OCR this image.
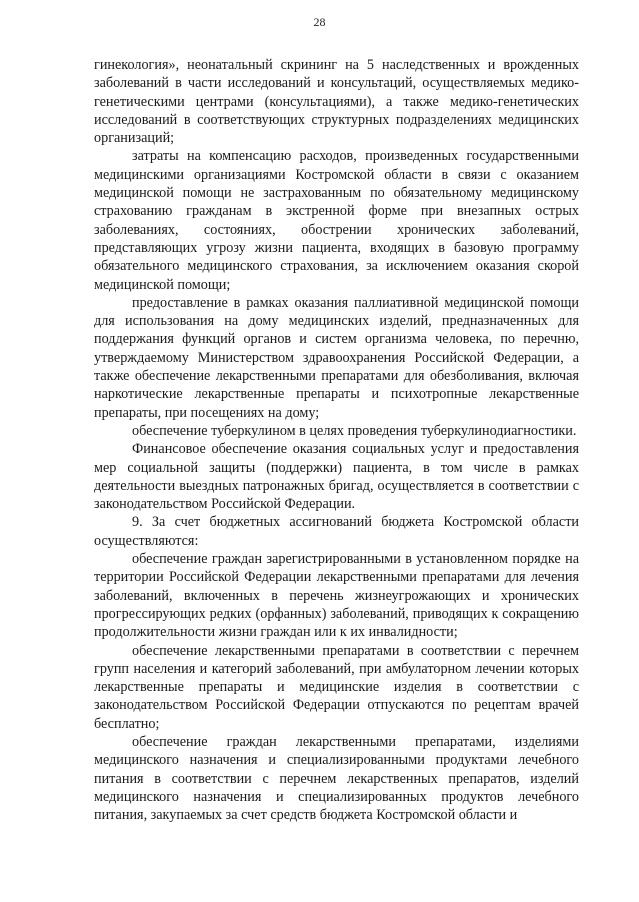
28

гинекология», неонатальный скрининг на 5 наследственных и врожденных заболеваний в части исследований и консультаций, осуществляемых медико-генетическими центрами (консультациями), а также медико-генетических исследований в соответствующих структурных подразделениях медицинских организаций;

затраты на компенсацию расходов, произведенных государственными медицинскими организациями Костромской области в связи с оказанием медицинской помощи не застрахованным по обязательному медицинскому страхованию гражданам в экстренной форме при внезапных острых заболеваниях, состояниях, обострении хронических заболеваний, представляющих угрозу жизни пациента, входящих в базовую программу обязательного медицинского страхования, за исключением оказания скорой медицинской помощи;

предоставление в рамках оказания паллиативной медицинской помощи для использования на дому медицинских изделий, предназначенных для поддержания функций органов и систем организма человека, по перечню, утверждаемому Министерством здравоохранения Российской Федерации, а также обеспечение лекарственными препаратами для обезболивания, включая наркотические лекарственные препараты и психотропные лекарственные препараты, при посещениях на дому;

обеспечение туберкулином в целях проведения туберкулинодиагностики.

Финансовое обеспечение оказания социальных услуг и предоставления мер социальной защиты (поддержки) пациента, в том числе в рамках деятельности выездных патронажных бригад, осуществляется в соответствии с законодательством Российской Федерации.

9. За счет бюджетных ассигнований бюджета Костромской области осуществляются:

обеспечение граждан зарегистрированными в установленном порядке на территории Российской Федерации лекарственными препаратами для лечения заболеваний, включенных в перечень жизнеугрожающих и хронических прогрессирующих редких (орфанных) заболеваний, приводящих к сокращению продолжительности жизни граждан или к их инвалидности;

обеспечение лекарственными препаратами в соответствии с перечнем групп населения и категорий заболеваний, при амбулаторном лечении которых лекарственные препараты и медицинские изделия в соответствии с законодательством Российской Федерации отпускаются по рецептам врачей бесплатно;

обеспечение граждан лекарственными препаратами, изделиями медицинского назначения и специализированными продуктами лечебного питания в соответствии с перечнем лекарственных препаратов, изделий медицинского назначения и специализированных продуктов лечебного питания, закупаемых за счет средств бюджета Костромской области и
